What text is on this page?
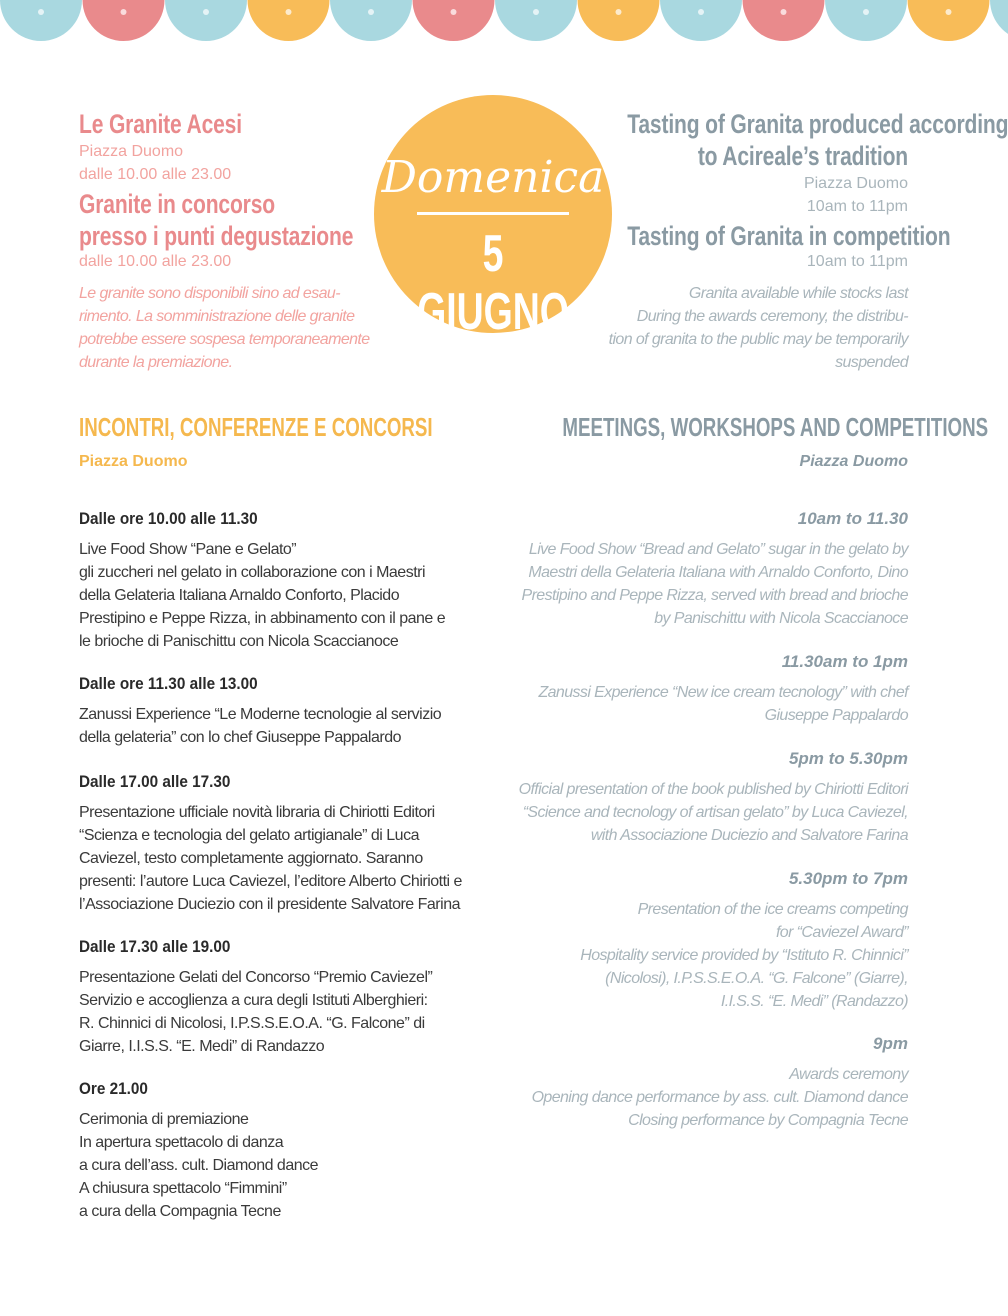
Le Granite Acesi
Piazza Duomo
dalle 10.00 alle 23.00
Granite in concorso
presso i punti degustazione
dalle 10.00 alle 23.00
Le granite sono disponibili sino ad esau-
rimento. La somministrazione delle granite
potrebbe essere sospesa temporaneamente
durante la premiazione.
Domenica
5 GIUGNO
Tasting of Granita produced according
to Acireale’s tradition
Piazza Duomo
10am to 11pm
Tasting of Granita in competition
10am to 11pm
Granita available while stocks last
During the awards ceremony, the distribu-
tion of granita to the public may be temporarily
suspended
INCONTRI, CONFERENZE E CONCORSI
Piazza Duomo
MEETINGS, WORKSHOPS AND COMPETITIONS
Piazza Duomo
Dalle ore 10.00 alle 11.30
Live Food Show “Pane e Gelato”
gli zuccheri nel gelato in collaborazione con i Maestri
della Gelateria Italiana Arnaldo Conforto, Placido
Prestipino e Peppe Rizza, in abbinamento con il pane e
le brioche di Panischittu con Nicola Scaccianoce
Dalle ore 11.30 alle 13.00
Zanussi Experience “Le Moderne tecnologie al servizio
della gelateria” con lo chef Giuseppe Pappalardo
Dalle 17.00 alle 17.30
Presentazione ufficiale novità libraria di Chiriotti Editori
“Scienza e tecnologia del gelato artigianale” di Luca
Caviezel, testo completamente aggiornato. Saranno
presenti: l’autore Luca Caviezel, l’editore Alberto Chiriotti e
l’Associazione Duciezio con il presidente Salvatore Farina
Dalle 17.30 alle 19.00
Presentazione Gelati del Concorso “Premio Caviezel”
Servizio e accoglienza a cura degli Istituti Alberghieri:
R. Chinnici di Nicolosi, I.P.S.S.E.O.A. “G. Falcone” di
Giarre, I.I.S.S. “E. Medi” di Randazzo
Ore 21.00
Cerimonia di premiazione
In apertura spettacolo di danza
a cura dell’ass. cult. Diamond dance
A chiusura spettacolo “Fimmini”
a cura della Compagnia Tecne
10am to 11.30
Live Food Show “Bread and Gelato” sugar in the gelato by
Maestri della Gelateria Italiana with Arnaldo Conforto, Dino
Prestipino and Peppe Rizza, served with bread and brioche
by Panischittu with Nicola Scaccianoce
11.30am to 1pm
Zanussi Experience “New ice cream tecnology” with chef
Giuseppe Pappalardo
5pm to 5.30pm
Official presentation of the book published by Chiriotti Editori
“Science and tecnology of artisan gelato” by Luca Caviezel,
with Associazione Duciezio and Salvatore Farina
5.30pm to 7pm
Presentation of the ice creams competing
for “Caviezel Award”
Hospitality service provided by “Istituto R. Chinnici”
(Nicolosi), I.P.S.S.E.O.A. “G. Falcone” (Giarre),
I.I.S.S. “E. Medi” (Randazzo)
9pm
Awards ceremony
Opening dance performance by ass. cult. Diamond dance
Closing performance by Compagnia Tecne
